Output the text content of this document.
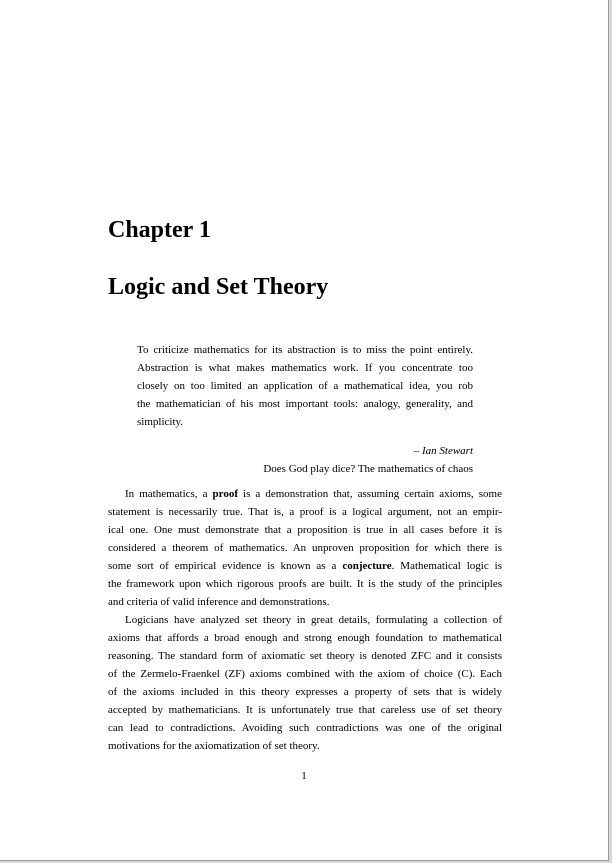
Chapter 1
Logic and Set Theory
To criticize mathematics for its abstraction is to miss the point entirely.
Abstraction is what makes mathematics work. If you concentrate too
closely on too limited an application of a mathematical idea, you rob
the mathematician of his most important tools: analogy, generality, and
simplicity.
– Ian Stewart
Does God play dice? The mathematics of chaos
In mathematics, a proof is a demonstration that, assuming certain axioms, some
statement is necessarily true. That is, a proof is a logical argument, not an empir-
ical one. One must demonstrate that a proposition is true in all cases before it is
considered a theorem of mathematics. An unproven proposition for which there is
some sort of empirical evidence is known as a conjecture. Mathematical logic is
the framework upon which rigorous proofs are built. It is the study of the principles
and criteria of valid inference and demonstrations.
Logicians have analyzed set theory in great details, formulating a collection of
axioms that affords a broad enough and strong enough foundation to mathematical
reasoning. The standard form of axiomatic set theory is denoted ZFC and it consists
of the Zermelo-Fraenkel (ZF) axioms combined with the axiom of choice (C). Each
of the axioms included in this theory expresses a property of sets that is widely
accepted by mathematicians. It is unfortunately true that careless use of set theory
can lead to contradictions. Avoiding such contradictions was one of the original
motivations for the axiomatization of set theory.
1
